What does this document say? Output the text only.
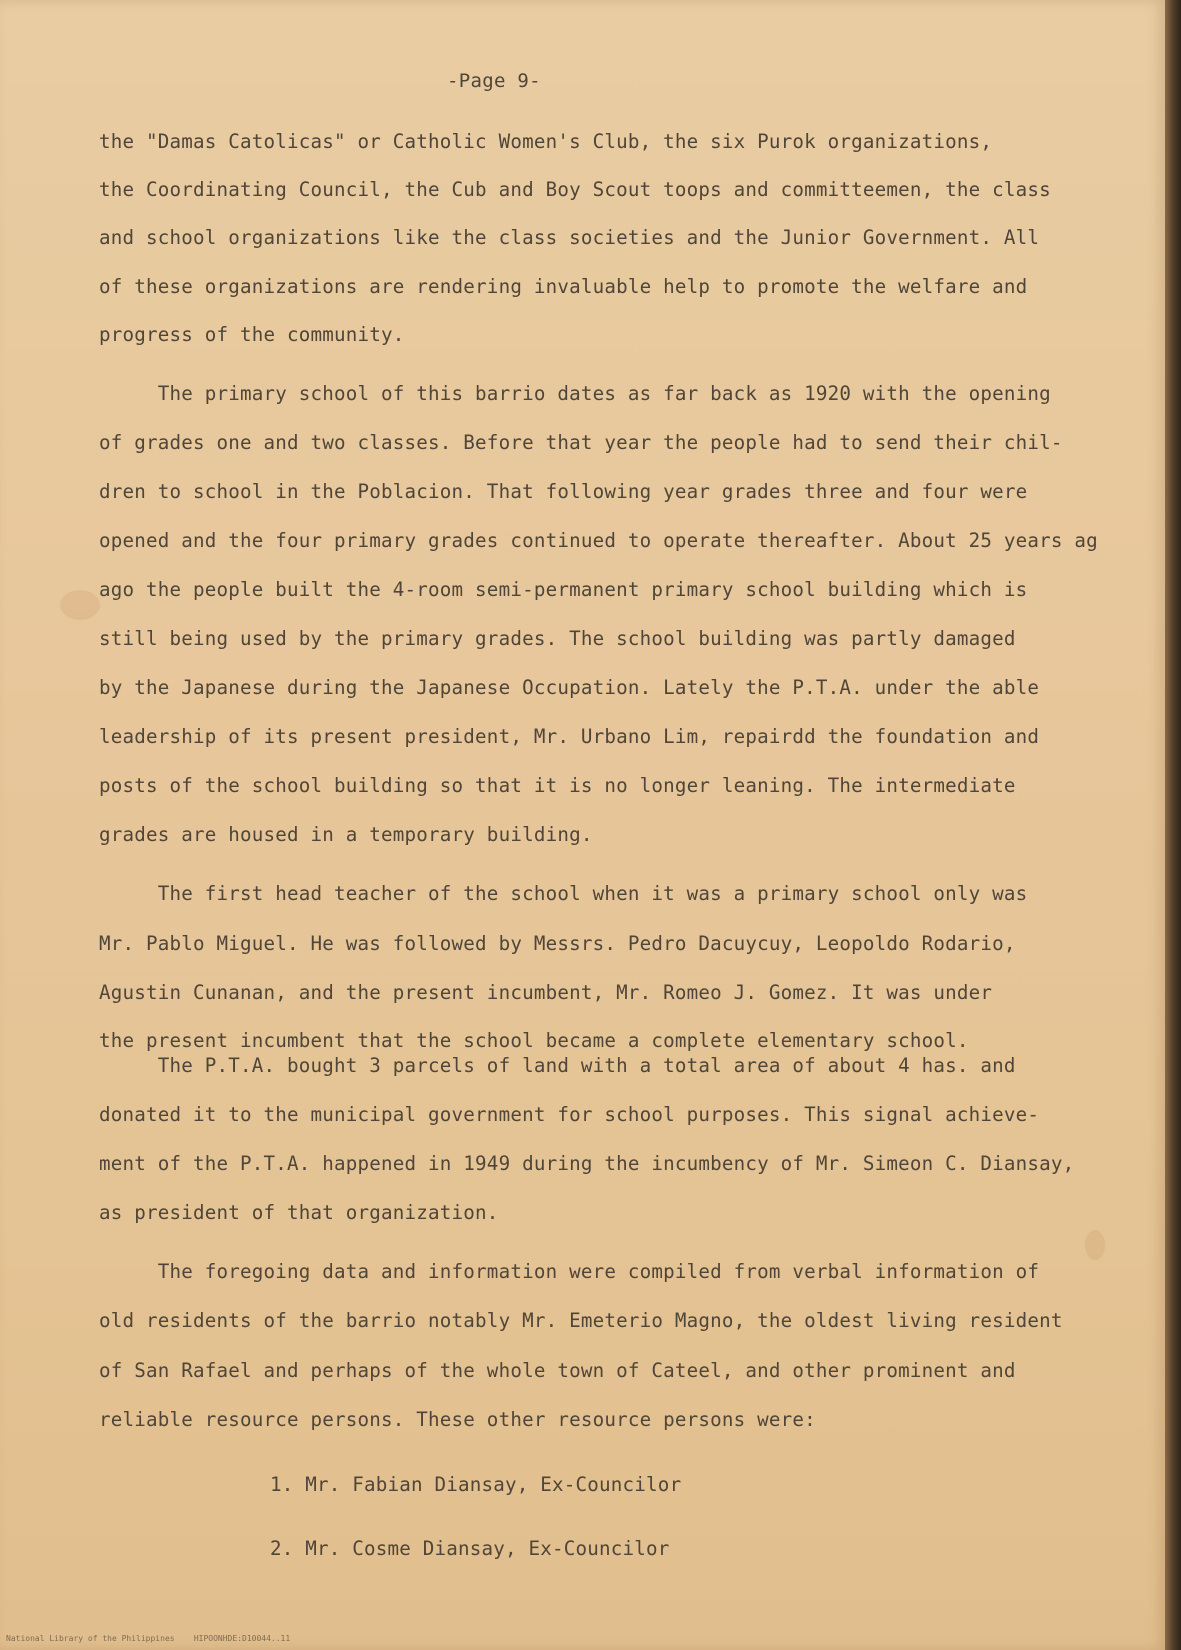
-Page 9-
the "Damas Catolicas" or Catholic Women's Club, the six Purok organizations,
the Coordinating Council, the Cub and Boy Scout toops and committeemen, the class
and school organizations like the class societies and the Junior Government. All
of these organizations are rendering invaluable help to promote the welfare and
progress of the community.
The primary school of this barrio dates as far back as 1920 with the opening
of grades one and two classes. Before that year the people had to send their chil-
dren to school in the Poblacion. That following year grades three and four were
opened and the four primary grades continued to operate thereafter. About 25 years ag
ago the people built the 4-room semi-permanent primary school building which is
still being used by the primary grades. The school building was partly damaged
by the Japanese during the Japanese Occupation. Lately the P.T.A. under the able
leadership of its present president, Mr. Urbano Lim, repairdd the foundation and
posts of the school building so that it is no longer leaning. The intermediate
grades are housed in a temporary building.
The first head teacher of the school when it was a primary school only was
Mr. Pablo Miguel. He was followed by Messrs. Pedro Dacuycuy, Leopoldo Rodario,
Agustin Cunanan, and the present incumbent, Mr. Romeo J. Gomez. It was under
the present incumbent that the school became a complete elementary school.
The P.T.A. bought 3 parcels of land with a total area of about 4 has. and
donated it to the municipal government for school purposes. This signal achieve-
ment of the P.T.A. happened in 1949 during the incumbency of Mr. Simeon C. Diansay,
as president of that organization.
The foregoing data and information were compiled from verbal information of
old residents of the barrio notably Mr. Emeterio Magno, the oldest living resident
of San Rafael and perhaps of the whole town of Cateel, and other prominent and
reliable resource persons. These other resource persons were:
1. Mr. Fabian Diansay, Ex-Councilor
2. Mr. Cosme Diansay, Ex-Councilor
National Library of the Philippines    HIPOONHDE:D10044..11
